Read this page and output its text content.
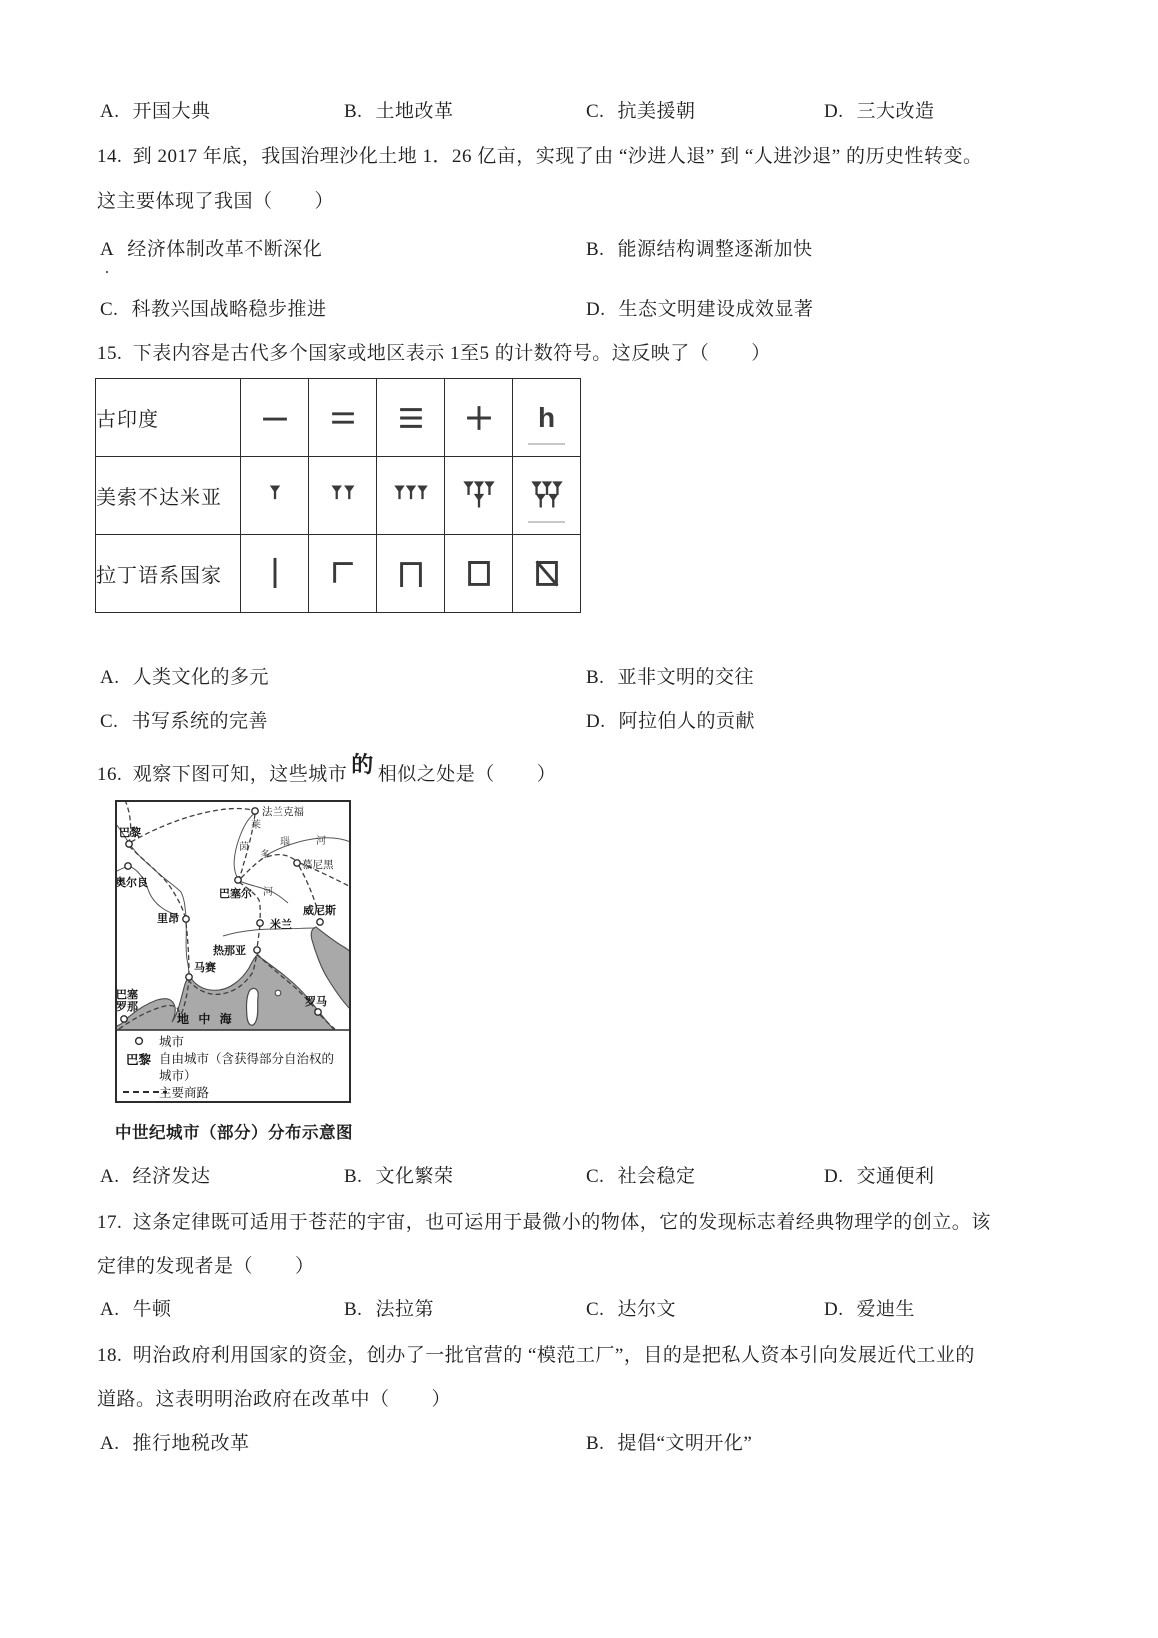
A. 开国大典	B. 土地改革	C. 抗美援朝	D. 三大改造
14.  到 2017 年底，我国治理沙化土地 1．26 亿亩，实现了由 “沙进人退” 到 “人进沙退” 的历史性转变。
这主要体现了我国（        ）
A 经济体制改革不断深化	B. 能源结构调整逐渐加快
·
C. 科教兴国战略稳步推进	D. 生态文明建设成效显著
15.  下表内容是古代多个国家或地区表示 1至5 的计数符号。这反映了（        ）
古印度					h
美索不达米亚					
拉丁语系国家					
A. 人类文化的多元	B. 亚非文明的交往
C. 书写系统的完善	D. 阿拉伯人的贡献
16.  观察下图可知，这些城市 的 相似之处是（        ）
法兰克福
巴黎
奥尔良
慕尼黑
巴塞尔
里昂	米兰
威尼斯
热那亚
马赛
巴塞
罗那	罗马
地 中 海
莱
茵
河
多
瑙	河
城市
巴黎 自由城市（含获得部分自治权的
城市）
主要商路
中世纪城市（部分）分布示意图
A. 经济发达	B. 文化繁荣	C. 社会稳定	D. 交通便利
17.  这条定律既可适用于苍茫的宇宙，也可运用于最微小的物体，它的发现标志着经典物理学的创立。该
定律的发现者是（        ）
A. 牛顿	B. 法拉第	C. 达尔文	D. 爱迪生
18.  明治政府利用国家的资金，创办了一批官营的 “模范工厂”，目的是把私人资本引向发展近代工业的
道路。这表明明治政府在改革中（        ）
A. 推行地税改革	B. 提倡“文明开化”
